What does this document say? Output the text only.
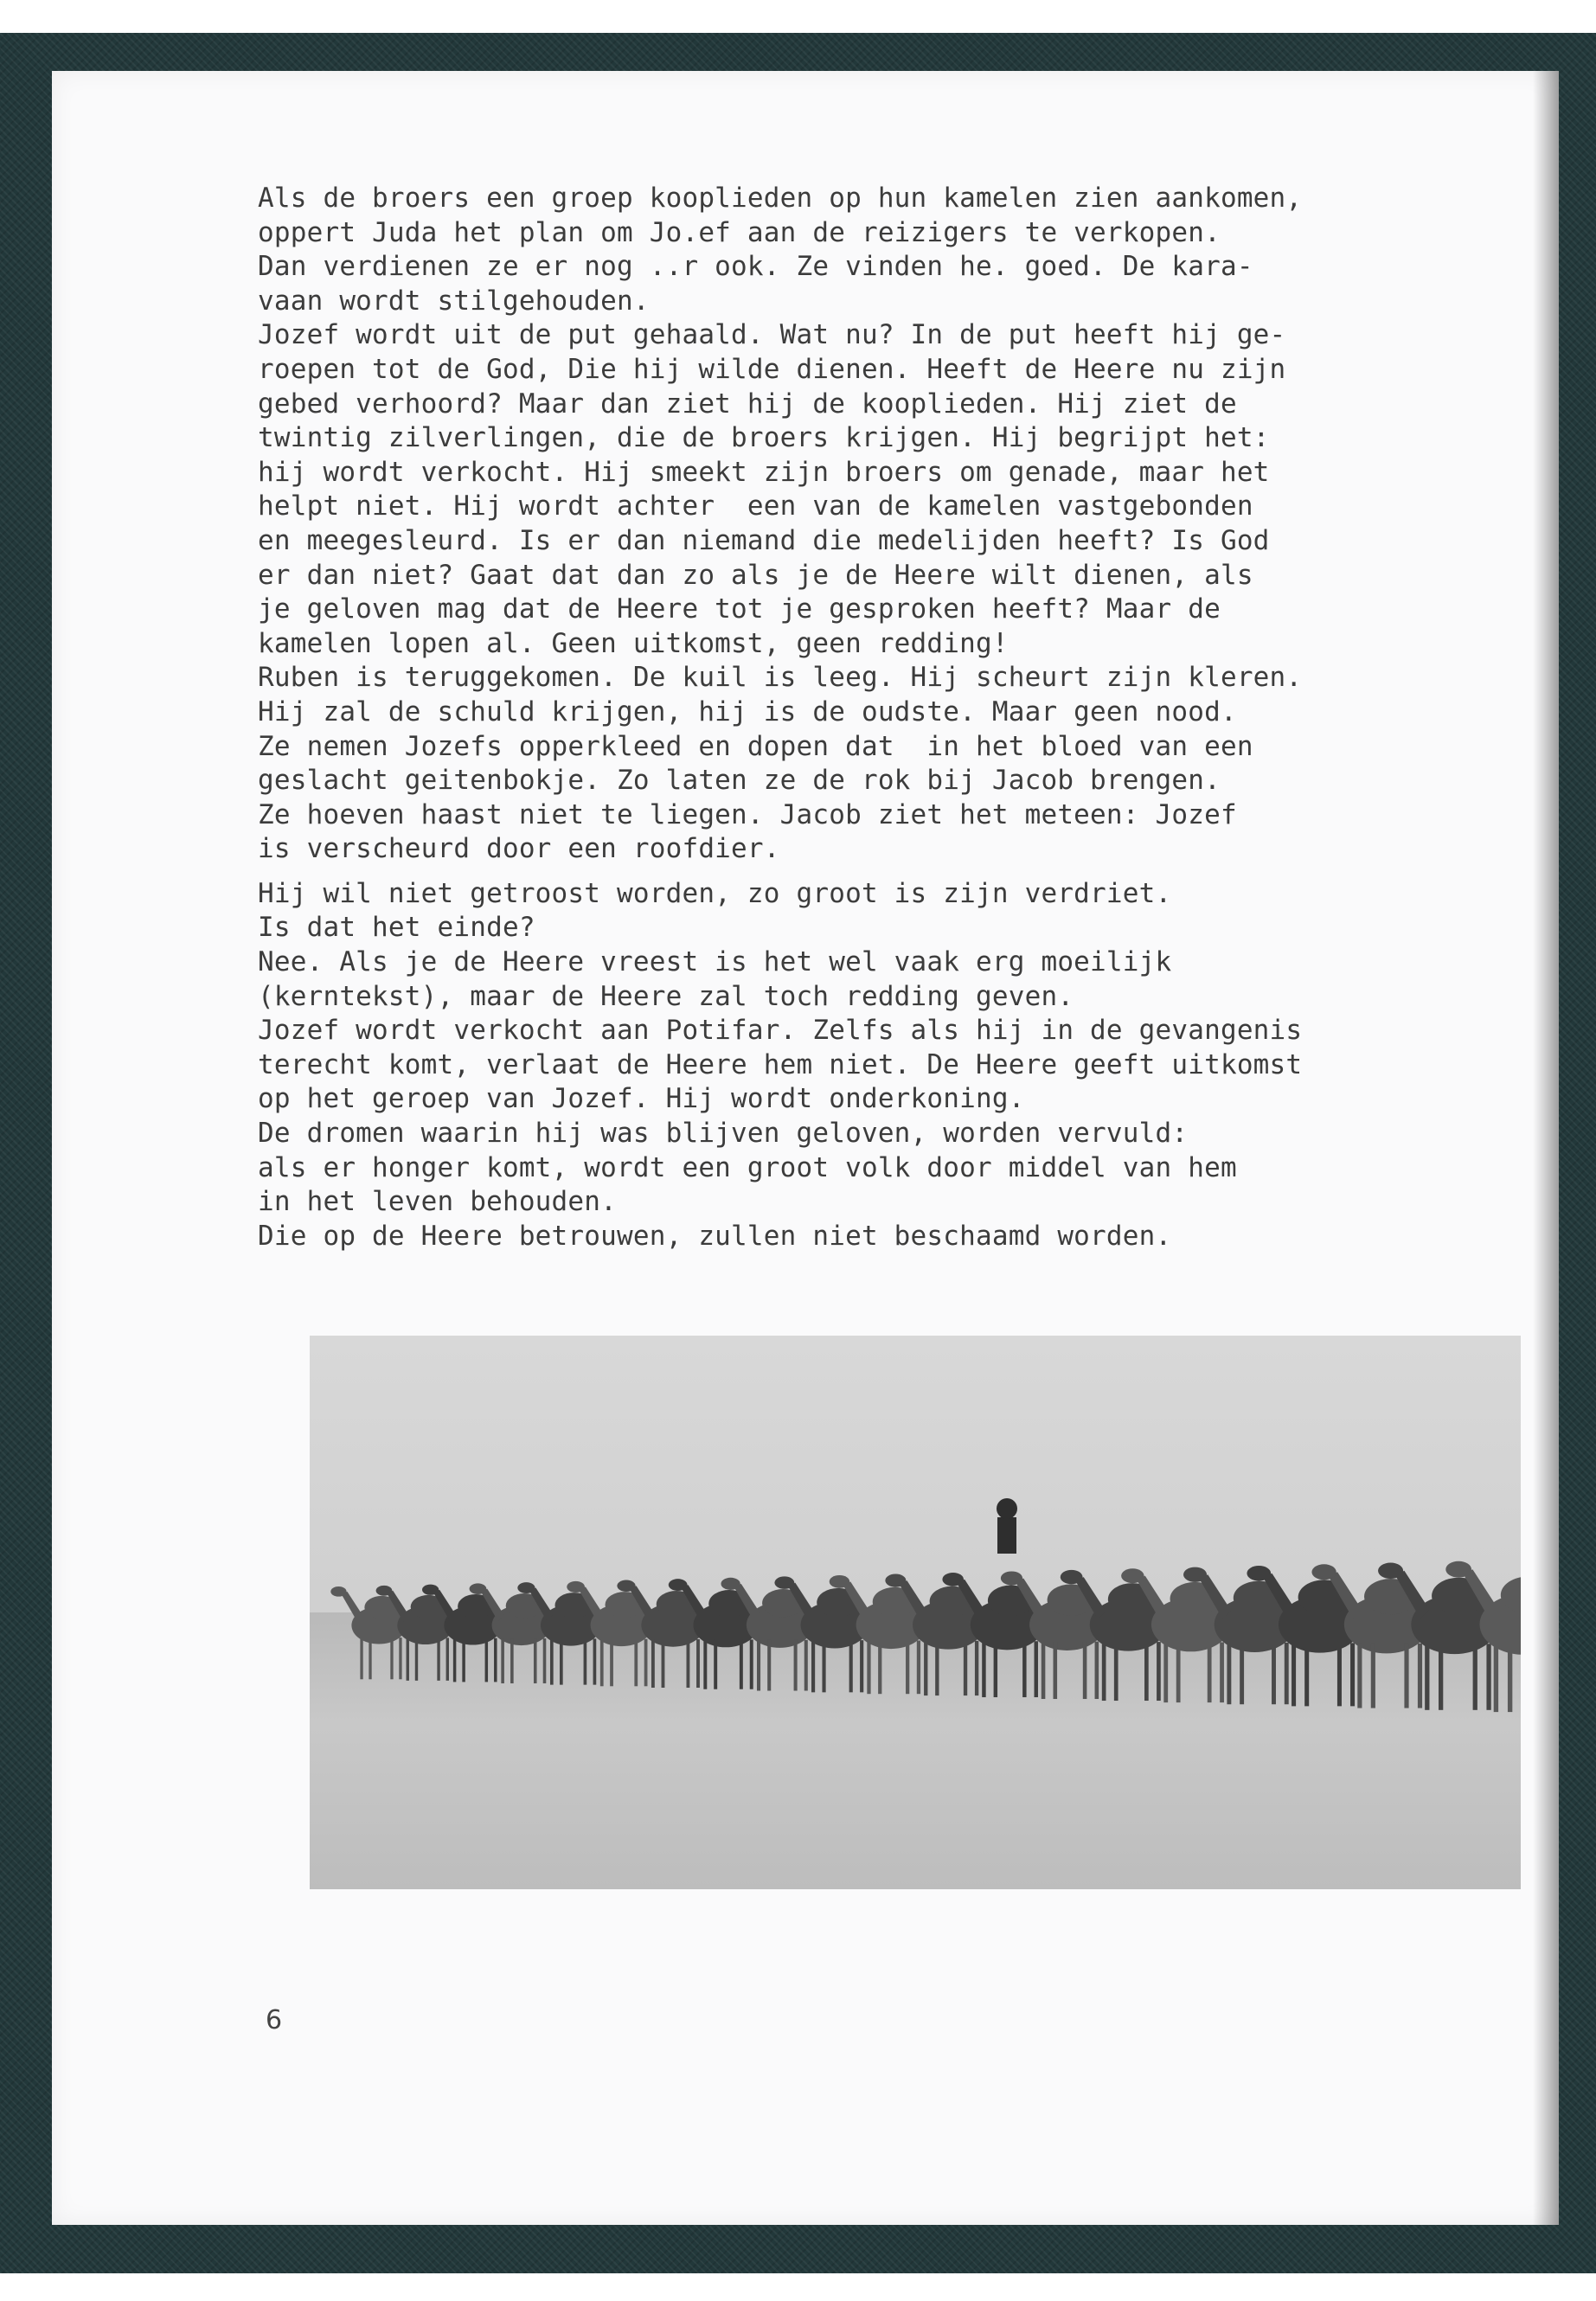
Als de broers een groep kooplieden op hun kamelen zien aankomen,
oppert Juda het plan om Jo.ef aan de reizigers te verkopen.
Dan verdienen ze er nog ..r ook. Ze vinden he. goed. De kara-
vaan wordt stilgehouden.
Jozef wordt uit de put gehaald. Wat nu? In de put heeft hij ge-
roepen tot de God, Die hij wilde dienen. Heeft de Heere nu zijn
gebed verhoord? Maar dan ziet hij de kooplieden. Hij ziet de
twintig zilverlingen, die de broers krijgen. Hij begrijpt het:
hij wordt verkocht. Hij smeekt zijn broers om genade, maar het
helpt niet. Hij wordt achter  een van de kamelen vastgebonden
en meegesleurd. Is er dan niemand die medelijden heeft? Is God
er dan niet? Gaat dat dan zo als je de Heere wilt dienen, als
je geloven mag dat de Heere tot je gesproken heeft? Maar de
kamelen lopen al. Geen uitkomst, geen redding!
Ruben is teruggekomen. De kuil is leeg. Hij scheurt zijn kleren.
Hij zal de schuld krijgen, hij is de oudste. Maar geen nood.
Ze nemen Jozefs opperkleed en dopen dat  in het bloed van een
geslacht geitenbokje. Zo laten ze de rok bij Jacob brengen.
Ze hoeven haast niet te liegen. Jacob ziet het meteen: Jozef
is verscheurd door een roofdier.
Hij wil niet getroost worden, zo groot is zijn verdriet.
Is dat het einde?
Nee. Als je de Heere vreest is het wel vaak erg moeilijk
(kerntekst), maar de Heere zal toch redding geven.
Jozef wordt verkocht aan Potifar. Zelfs als hij in de gevangenis
terecht komt, verlaat de Heere hem niet. De Heere geeft uitkomst
op het geroep van Jozef. Hij wordt onderkoning.
De dromen waarin hij was blijven geloven, worden vervuld:
als er honger komt, wordt een groot volk door middel van hem
in het leven behouden.
Die op de Heere betrouwen, zullen niet beschaamd worden.
6
